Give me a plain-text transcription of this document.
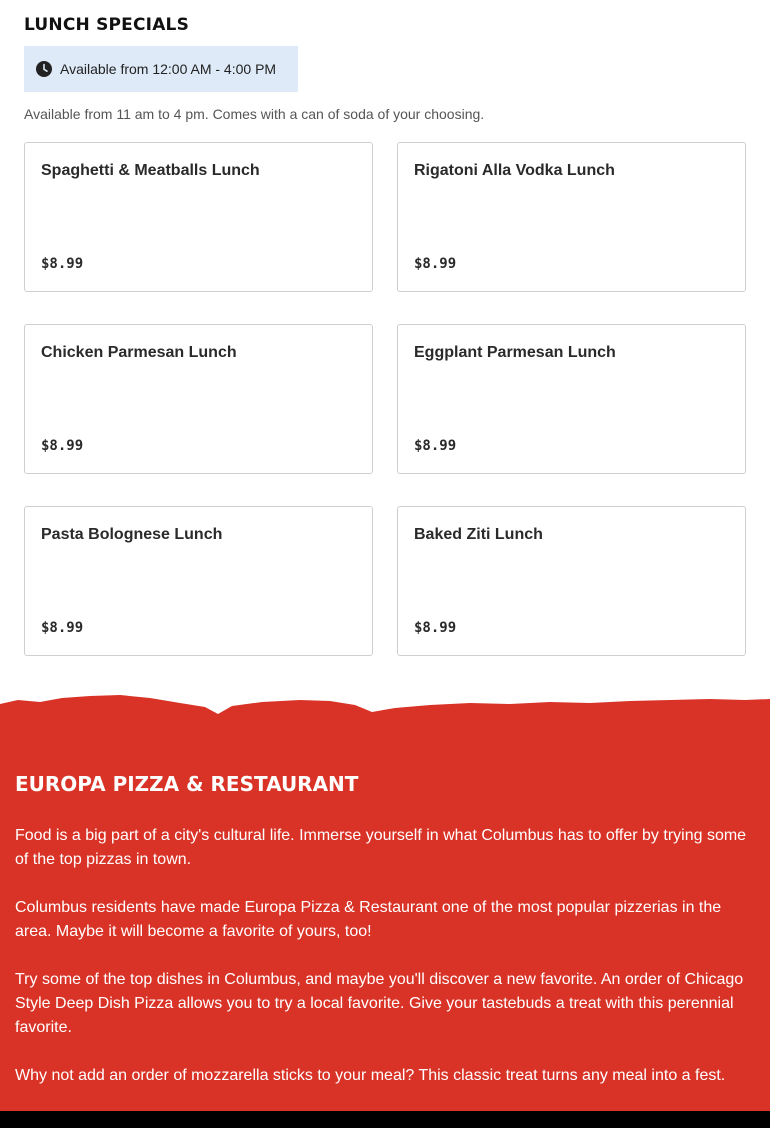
LUNCH SPECIALS
Available from 12:00 AM - 4:00 PM

Available from 11 am to 4 pm. Comes with a can of soda of your choosing.

Spaghetti & Meatballs Lunch
$8.99
Rigatoni Alla Vodka Lunch
$8.99
Chicken Parmesan Lunch
$8.99
Eggplant Parmesan Lunch
$8.99
Pasta Bolognese Lunch
$8.99
Baked Ziti Lunch
$8.99
EUROPA PIZZA & RESTAURANT

Food is a big part of a city's cultural life. Immerse yourself in what Columbus has to offer by trying some of the top pizzas in town.

Columbus residents have made Europa Pizza & Restaurant one of the most popular pizzerias in the area. Maybe it will become a favorite of yours, too!

Try some of the top dishes in Columbus, and maybe you'll discover a new favorite. An order of Chicago Style Deep Dish Pizza allows you to try a local favorite. Give your tastebuds a treat with this perennial favorite.

Why not add an order of mozzarella sticks to your meal? This classic treat turns any meal into a fest.
